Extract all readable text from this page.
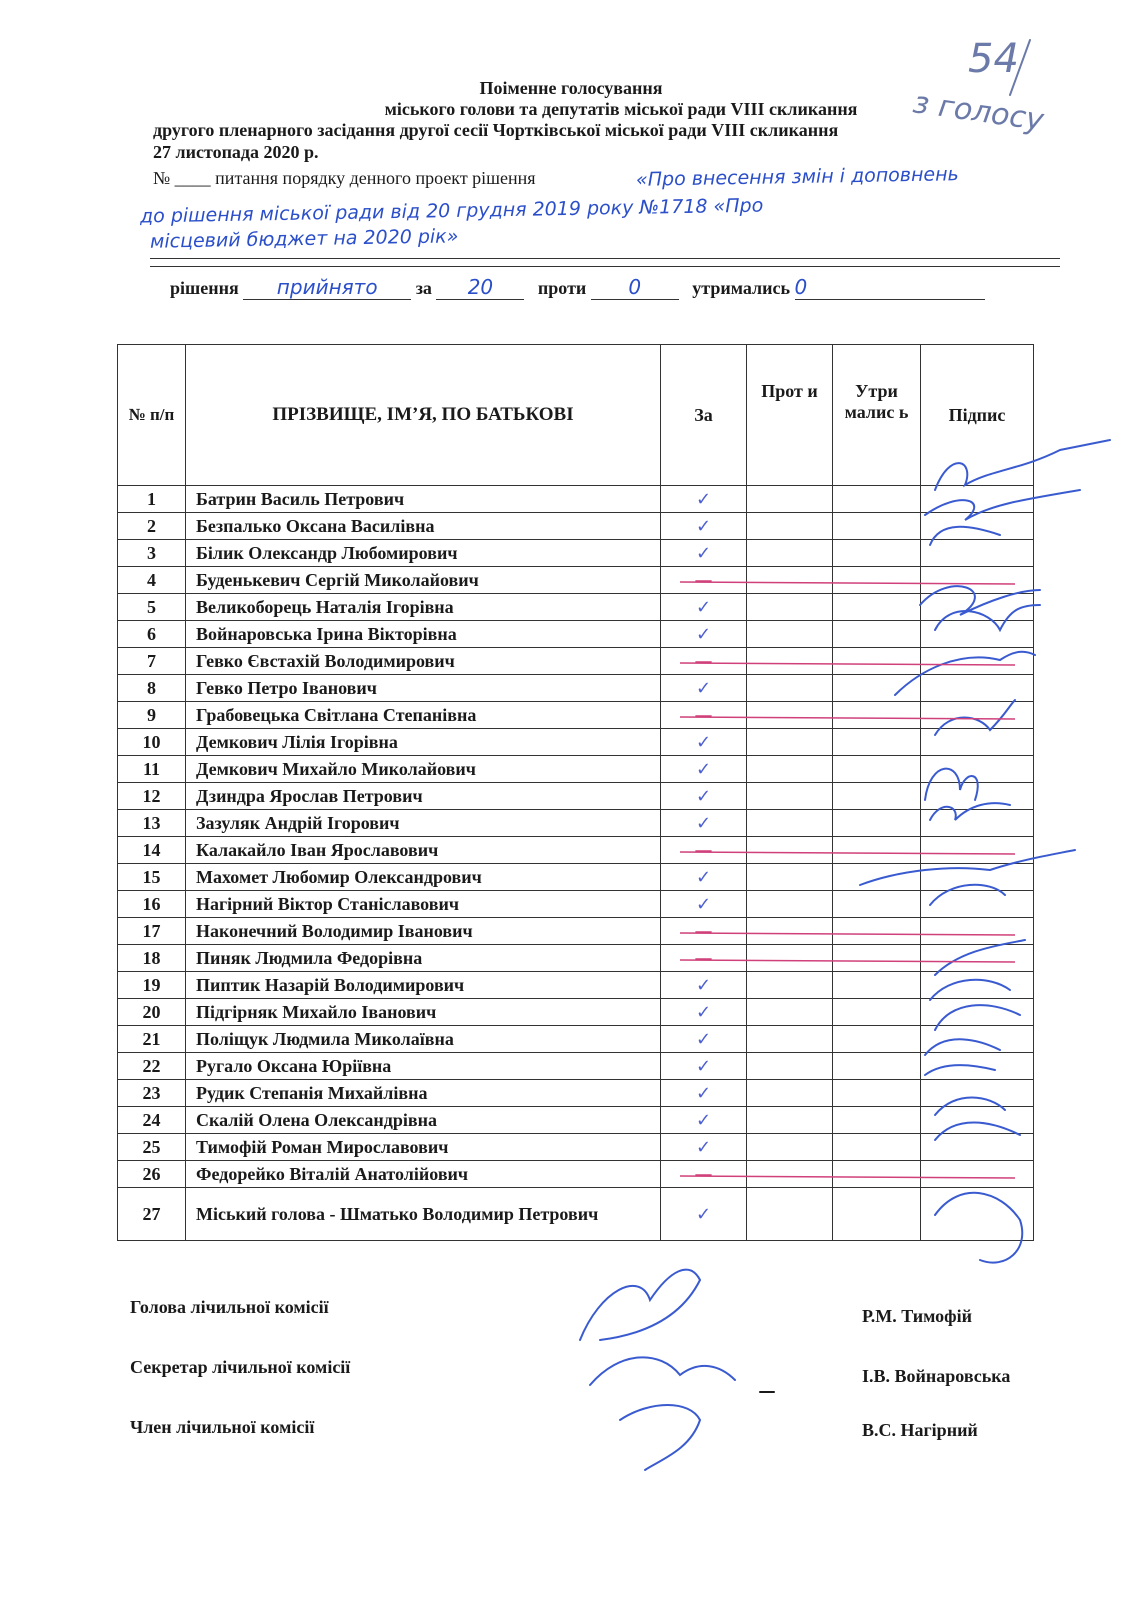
Поіменне голосування
міського голови та депутатів міської ради VIII скликання
другого пленарного засідання другої сесії Чортківської міської ради VIII скликання
27 листопада 2020 р.
№ ____ питання порядку денного проект рішення	«Про внесення змін і доповнень
до рішення міської ради від 20 грудня 2019 року №1718 «Про
місцевий бюджет на 2020 рік»
рішення прийнято за 20 проти 0	утримались 0
№ п/п	ПРІЗВИЩЕ, ІМ’Я, ПО БАТЬКОВІ	За	Прот и	Утри малис ь	Підпис
1	Батрин Василь Петрович	✓			
2	Безпалько Оксана Василівна	✓			
3	Білик Олександр Любомирович	✓			
4	Буденькевич Сергій Миколайович	—			
5	Великоборець Наталія Ігорівна	✓			
6	Войнаровська Ірина Вікторівна	✓			
7	Гевко Євстахій Володимирович	—			
8	Гевко Петро Іванович	✓			
9	Грабовецька Світлана Степанівна	—			
10	Демкович Лілія Ігорівна	✓			
11	Демкович Михайло Миколайович	✓			
12	Дзиндра Ярослав Петрович	✓			
13	Зазуляк Андрій Ігорович	✓			
14	Калакайло Іван Ярославович	—			
15	Махомет Любомир Олександрович	✓			
16	Нагірний Віктор Станіславович	✓			
17	Наконечний Володимир Іванович	—			
18	Пиняк Людмила Федорівна	—			
19	Пиптик Назарій Володимирович	✓			
20	Підгірняк Михайло Іванович	✓			
21	Поліщук Людмила Миколаївна	✓			
22	Ругало Оксана Юріївна	✓			
23	Рудик Степанія Михайлівна	✓			
24	Скалій Олена Олександрівна	✓			
25	Тимофій Роман Мирославович	✓			
26	Федорейко Віталій Анатолійович	—			
27	Міський голова - Шматько Володимир Петрович	✓			
Голова лічильної комісії	Р.М. Тимофій
Секретар лічильної комісії	І.В. Войнаровська
Член лічильної комісії	В.С. Нагірний
54
з голосу
